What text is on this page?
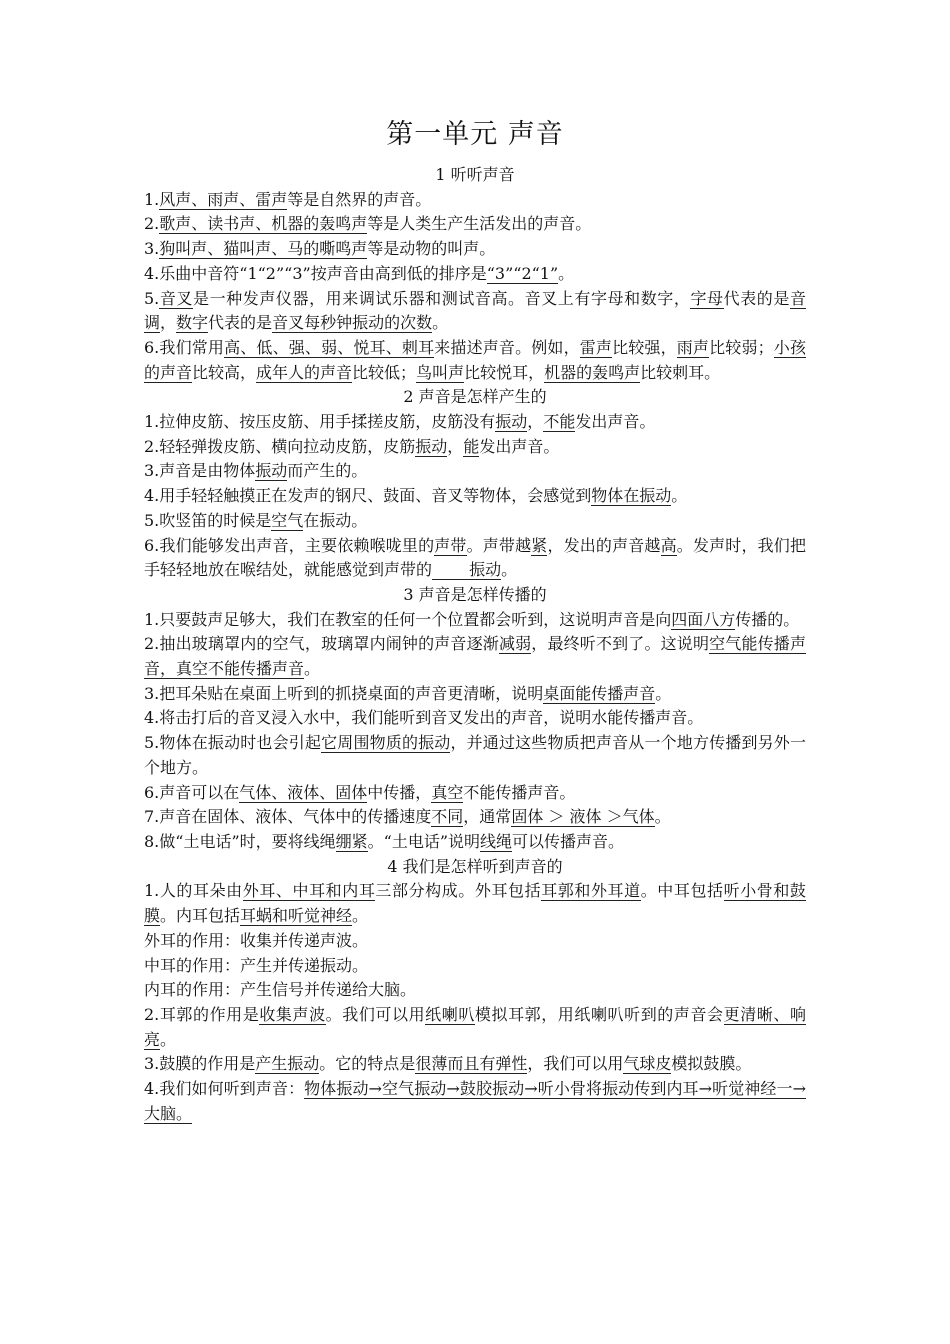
第一单元 声音
1 听听声音
1.风声、雨声、雷声等是自然界的声音。
2.歌声、读书声、机器的轰鸣声等是人类生产生活发出的声音。
3.狗叫声、猫叫声、马的嘶鸣声等是动物的叫声。
4.乐曲中音符“1“2”“3”按声音由高到低的排序是“3”“2“1”。
5.音叉是一种发声仪器，用来调试乐器和测试音高。音叉上有字母和数字，字母代表的是音调，数字代表的是音叉每秒钟振动的次数。
6.我们常用高、低、强、弱、悦耳、刺耳来描述声音。例如，雷声比较强，雨声比较弱；小孩的声音比较高，成年人的声音比较低；鸟叫声比较悦耳，机器的轰鸣声比较刺耳。
2 声音是怎样产生的
1.拉伸皮筋、按压皮筋、用手揉搓皮筋，皮筋没有振动，不能发出声音。
2.轻轻弹拨皮筋、横向拉动皮筋，皮筋振动，能发出声音。
3.声音是由物体振动而产生的。
4.用手轻轻触摸正在发声的钢尺、鼓面、音叉等物体，会感觉到物体在振动。
5.吹竖笛的时候是空气在振动。
6.我们能够发出声音，主要依赖喉咙里的声带。声带越紧，发出的声音越高。发声时，我们把手轻轻地放在喉结处，就能感觉到声带的　　 振动。
3 声音是怎样传播的
1.只要鼓声足够大，我们在教室的任何一个位置都会听到，这说明声音是向四面八方传播的。
2.抽出玻璃罩内的空气，玻璃罩内闹钟的声音逐渐减弱，最终听不到了。这说明空气能传播声音，真空不能传播声音。
3.把耳朵贴在桌面上听到的抓挠桌面的声音更清晰，说明桌面能传播声音。
4.将击打后的音叉浸入水中，我们能听到音叉发出的声音，说明水能传播声音。
5.物体在振动时也会引起它周围物质的振动，并通过这些物质把声音从一个地方传播到另外一个地方。
6.声音可以在气体、液体、固体中传播，真空不能传播声音。
7.声音在固体、液体、气体中的传播速度不同，通常固体 ＞ 液体 ＞气体。
8.做“土电话”时，要将线绳绷紧。“土电话”说明线绳可以传播声音。
4 我们是怎样听到声音的
1.人的耳朵由外耳、中耳和内耳三部分构成。外耳包括耳郭和外耳道。中耳包括听小骨和鼓膜。内耳包括耳蜗和听觉神经。
外耳的作用：收集并传递声波。
中耳的作用：产生并传递振动。
内耳的作用：产生信号并传递给大脑。
2.耳郭的作用是收集声波。我们可以用纸喇叭模拟耳郭，用纸喇叭听到的声音会更清晰、响亮。
3.鼓膜的作用是产生振动。它的特点是很薄而且有弹性，我们可以用气球皮模拟鼓膜。
4.我们如何听到声音：物体振动→空气振动→鼓胶振动→听小骨将振动传到内耳→听觉神经一→大脑。
